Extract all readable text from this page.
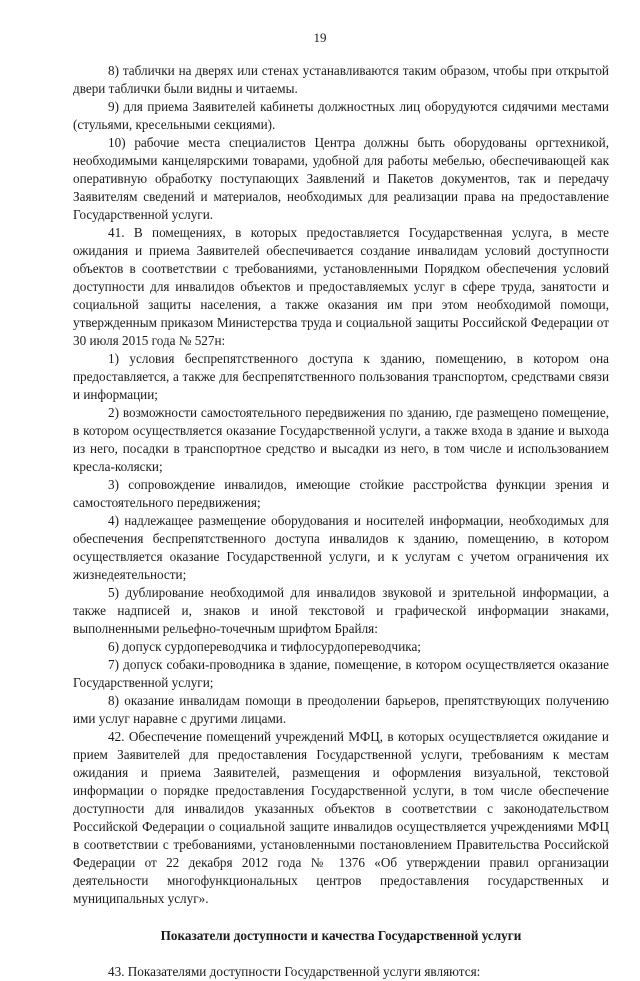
19

8) таблички на дверях или стенах устанавливаются таким образом, чтобы при открытой двери таблички были видны и читаемы.

9) для приема Заявителей кабинеты должностных лиц оборудуются сидячими местами (стульями, кресельными секциями).

10) рабочие места специалистов Центра должны быть оборудованы оргтехникой, необходимыми канцелярскими товарами, удобной для работы мебелью, обеспечивающей как оперативную обработку поступающих Заявлений и Пакетов документов, так и передачу Заявителям сведений и материалов, необходимых для реализации права на предоставление Государственной услуги.

41. В помещениях, в которых предоставляется Государственная услуга, в месте ожидания и приема Заявителей обеспечивается создание инвалидам условий доступности объектов в соответствии с требованиями, установленными Порядком обеспечения условий доступности для инвалидов объектов и предоставляемых услуг в сфере труда, занятости и социальной защиты населения, а также оказания им при этом необходимой помощи, утвержденным приказом Министерства труда и социальной защиты Российской Федерации от 30 июля 2015 года № 527н:

1) условия беспрепятственного доступа к зданию, помещению, в котором она предоставляется, а также для беспрепятственного пользования транспортом, средствами связи и информации;

2) возможности самостоятельного передвижения по зданию, где размещено помещение, в котором осуществляется оказание Государственной услуги, а также входа в здание и выхода из него, посадки в транспортное средство и высадки из него, в том числе и использованием кресла-коляски;

3) сопровождение инвалидов, имеющие стойкие расстройства функции зрения и самостоятельного передвижения;

4) надлежащее размещение оборудования и носителей информации, необходимых для обеспечения беспрепятственного доступа инвалидов к зданию, помещению, в котором осуществляется оказание Государственной услуги, и к услугам с учетом ограничения их жизнедеятельности;

5) дублирование необходимой для инвалидов звуковой и зрительной информации, а также надписей и, знаков и иной текстовой и графической информации знаками, выполненными рельефно-точечным шрифтом Брайля:

6) допуск сурдопереводчика и тифлосурдопереводчика;

7) допуск собаки-проводника в здание, помещение, в котором осуществляется оказание Государственной услуги;

8) оказание инвалидам помощи в преодолении барьеров, препятствующих получению ими услуг наравне с другими лицами.

42. Обеспечение помещений учреждений МФЦ, в которых осуществляется ожидание и прием Заявителей для предоставления Государственной услуги, требованиям к местам ожидания и приема Заявителей, размещения и оформления визуальной, текстовой информации о порядке предоставления Государственной услуги, в том числе обеспечение доступности для инвалидов указанных объектов в соответствии с законодательством Российской Федерации о социальной защите инвалидов осуществляется учреждениями МФЦ в соответствии с требованиями, установленными постановлением Правительства Российской Федерации от 22 декабря 2012 года № 1376 «Об утверждении правил организации деятельности многофункциональных центров предоставления государственных и муниципальных услуг».

Показатели доступности и качества Государственной услуги

43. Показателями доступности Государственной услуги являются:
